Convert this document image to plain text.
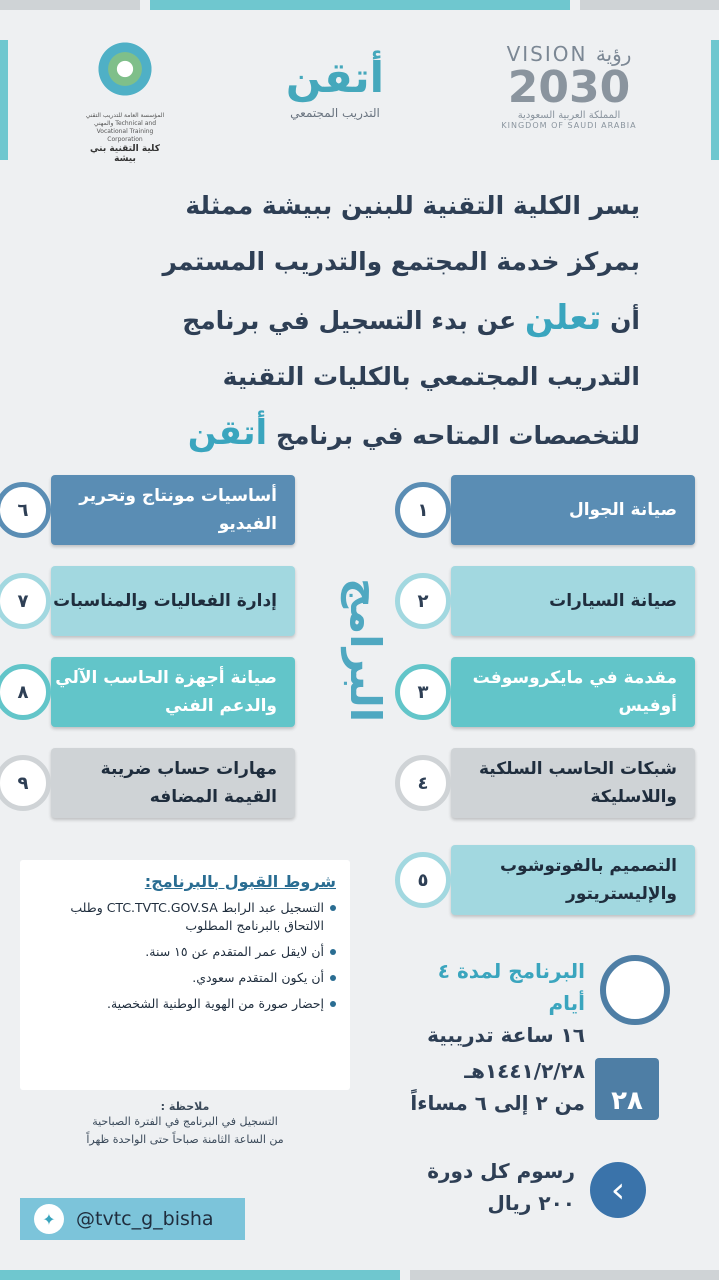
VISION رؤية
2030
المملكة العربية السعودية
KINGDOM OF SAUDI ARABIA
أتقن
التدريب المجتمعي
المؤسسة العامة للتدريب التقني والمهني Technical and Vocational Training Corporation
كلية التقنية بني بيشة
يسر الكلية التقنية للبنين ببيشة ممثلة
بمركز خدمة المجتمع والتدريب المستمر
أن تعلن عن بدء التسجيل في برنامج
التدريب المجتمعي بالكليات التقنية
للتخصصات المتاحه في برنامج أتقن
صيانة الجوال
١
صيانة السيارات
٢
مقدمة في مايكروسوفت أوفيس
٣
شبكات الحاسب السلكية واللاسليكة
٤
التصميم بالفوتوشوب والإليستريتور
٥
أساسيات مونتاج وتحرير الفيديو
٦
إدارة الفعاليات والمناسبات
٧
صيانة أجهزة الحاسب الآلي والدعم الفني
٨
مهارات حساب ضريبة القيمة المضافه
٩
البرامج
شروط القبول بالبرنامج:
التسجيل عبد الرابط CTC.TVTC.GOV.SA وطلب الالتحاق بالبرنامج المطلوب
أن لايقل عمر المتقدم عن ١٥ سنة.
أن يكون المتقدم سعودي.
إحضار صورة من الهوية الوطنية الشخصية.
ملاحظة :
التسجيل في البرنامج في الفترة الصباحية
من الساعة الثامنة صباحاً حتى الواحدة ظهراً
البرنامج لمدة ٤ أيام
١٦ ساعة تدريبية
٢٨
١٤٤١/٢/٢٨هـ
من ٢ إلى ٦ مساءاً
‹
رسوم كل دورة
٢٠٠ ريال
✦	@tvtc_g_bisha
